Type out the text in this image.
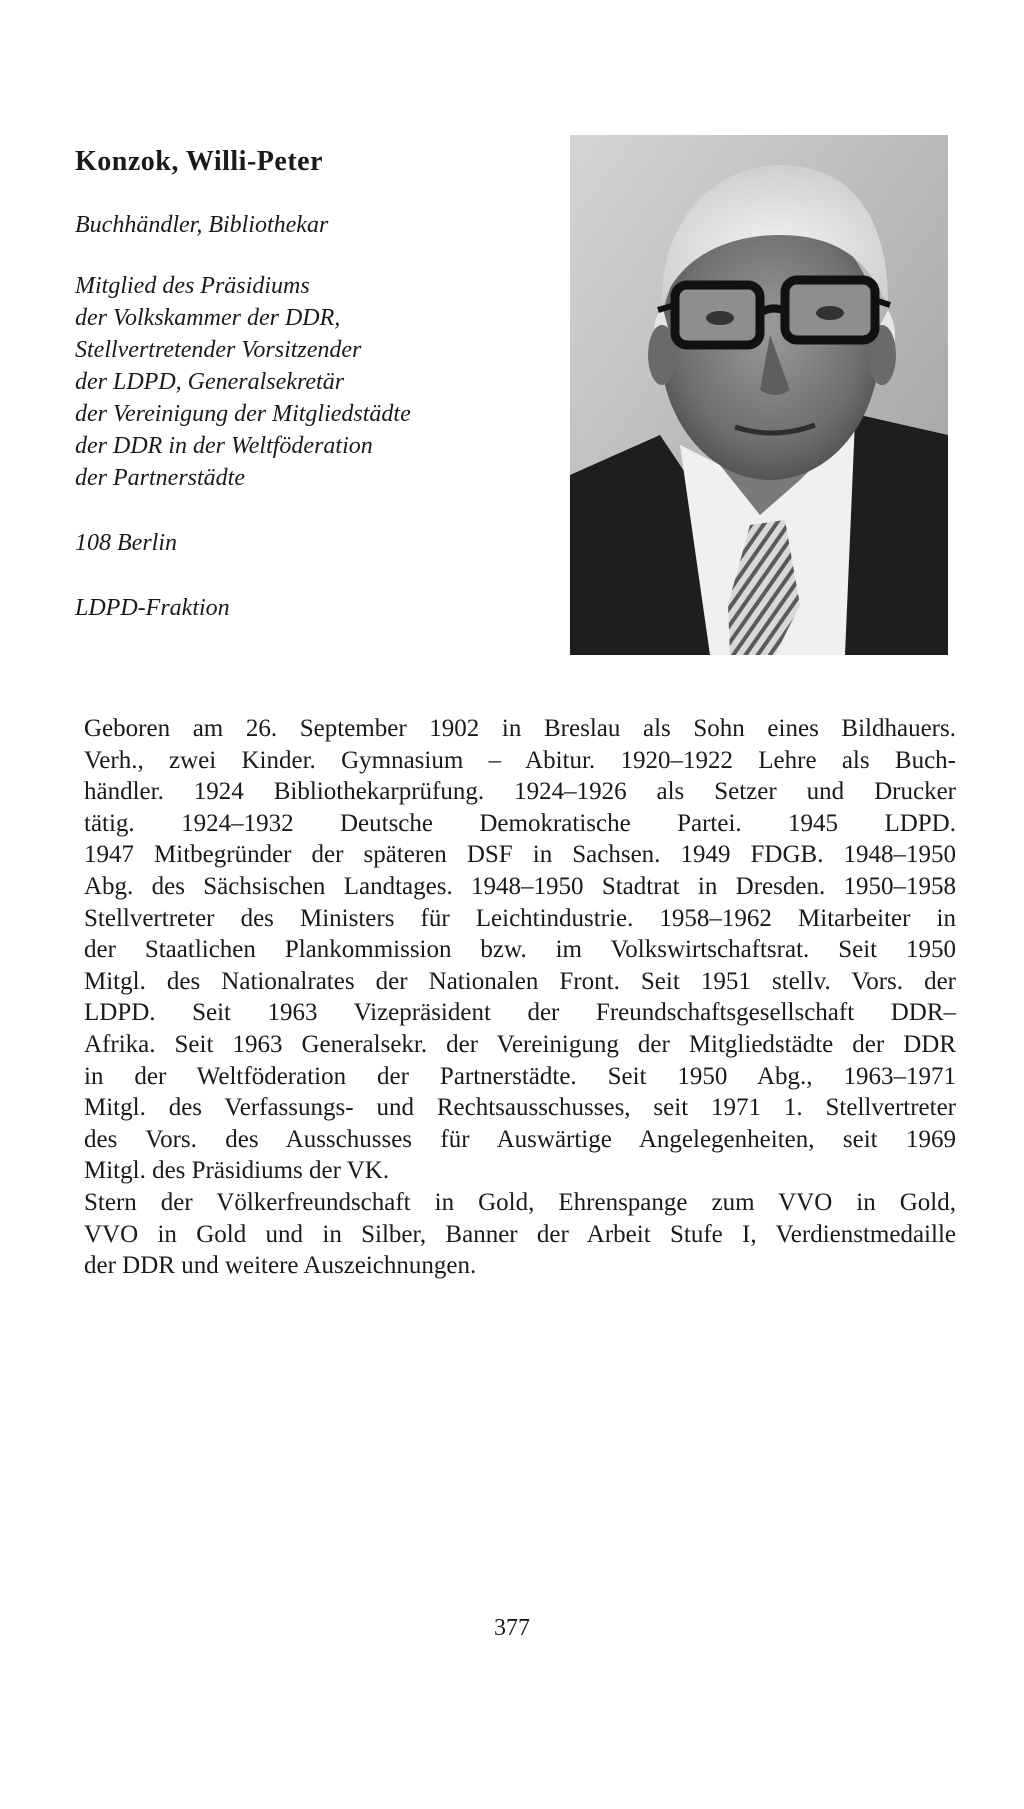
Konzok, Willi-Peter
Buchhändler, Bibliothekar
Mitglied des Präsidiums
der Volkskammer der DDR,
Stellvertretender Vorsitzender
der LDPD, Generalsekretär
der Vereinigung der Mitgliedstädte
der DDR in der Weltföderation
der Partnerstädte
108 Berlin
LDPD-Fraktion

Geboren am 26. September 1902 in Breslau als Sohn eines Bildhauers.
Verh., zwei Kinder. Gymnasium – Abitur. 1920–1922 Lehre als Buch-
händler. 1924 Bibliothekarprüfung. 1924–1926 als Setzer und Drucker
tätig. 1924–1932 Deutsche Demokratische Partei. 1945 LDPD.
1947 Mitbegründer der späteren DSF in Sachsen. 1949 FDGB. 1948–1950
Abg. des Sächsischen Landtages. 1948–1950 Stadtrat in Dresden. 1950–1958
Stellvertreter des Ministers für Leichtindustrie. 1958–1962 Mitarbeiter in
der Staatlichen Plankommission bzw. im Volkswirtschaftsrat. Seit 1950
Mitgl. des Nationalrates der Nationalen Front. Seit 1951 stellv. Vors. der
LDPD. Seit 1963 Vizepräsident der Freundschaftsgesellschaft DDR–
Afrika. Seit 1963 Generalsekr. der Vereinigung der Mitgliedstädte der DDR
in der Weltföderation der Partnerstädte. Seit 1950 Abg., 1963–1971
Mitgl. des Verfassungs- und Rechtsausschusses, seit 1971 1. Stellvertreter
des Vors. des Ausschusses für Auswärtige Angelegenheiten, seit 1969
Mitgl. des Präsidiums der VK.

Stern der Völkerfreundschaft in Gold, Ehrenspange zum VVO in Gold,
VVO in Gold und in Silber, Banner der Arbeit Stufe I, Verdienstmedaille
der DDR und weitere Auszeichnungen.

377
